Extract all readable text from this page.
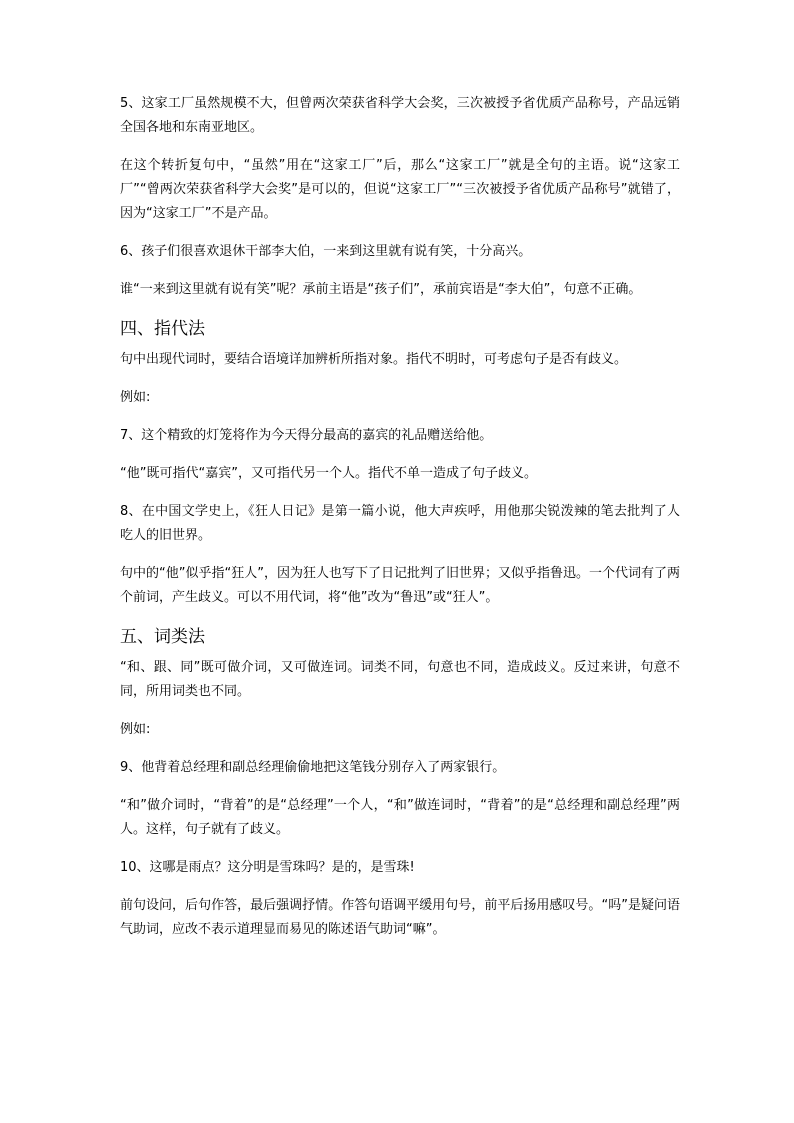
5、这家工厂虽然规模不大，但曾两次荣获省科学大会奖，三次被授予省优质产品称号，产品远销全国各地和东南亚地区。

在这个转折复句中，“虽然”用在“这家工厂”后，那么“这家工厂”就是全句的主语。说“这家工厂”“曾两次荣获省科学大会奖”是可以的，但说“这家工厂”“三次被授予省优质产品称号”就错了，因为“这家工厂”不是产品。

6、孩子们很喜欢退休干部李大伯，一来到这里就有说有笑，十分高兴。

谁“一来到这里就有说有笑”呢？承前主语是“孩子们”，承前宾语是“李大伯”，句意不正确。

四、指代法

句中出现代词时，要结合语境详加辨析所指对象。指代不明时，可考虑句子是否有歧义。

例如:

7、这个精致的灯笼将作为今天得分最高的嘉宾的礼品赠送给他。

“他”既可指代“嘉宾”，又可指代另一个人。指代不单一造成了句子歧义。

8、在中国文学史上，《狂人日记》是第一篇小说，他大声疾呼，用他那尖锐泼辣的笔去批判了人吃人的旧世界。

句中的“他”似乎指“狂人”，因为狂人也写下了日记批判了旧世界；又似乎指鲁迅。一个代词有了两个前词，产生歧义。可以不用代词，将“他”改为“鲁迅”或“狂人”。

五、词类法

“和、跟、同”既可做介词，又可做连词。词类不同，句意也不同，造成歧义。反过来讲，句意不同，所用词类也不同。

例如:

9、他背着总经理和副总经理偷偷地把这笔钱分别存入了两家银行。

“和”做介词时，“背着”的是“总经理”一个人，“和”做连词时，“背着”的是“总经理和副总经理”两人。这样，句子就有了歧义。

10、这哪是雨点？这分明是雪珠吗？是的，是雪珠!

前句设问，后句作答，最后强调抒情。作答句语调平缓用句号，前平后扬用感叹号。“吗”是疑问语气助词，应改不表示道理显而易见的陈述语气助词“嘛”。
